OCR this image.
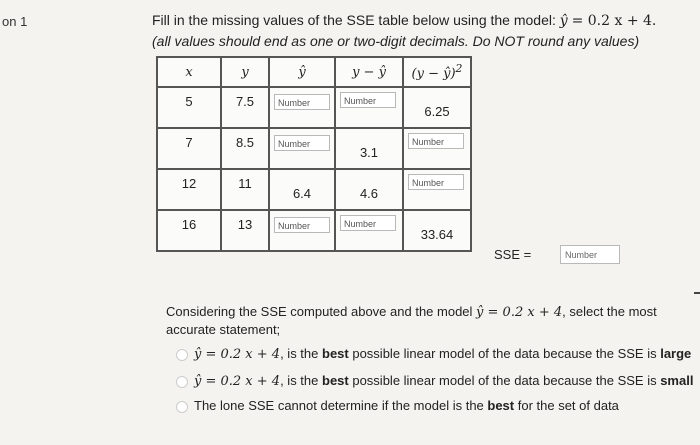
on 1	Fill in the missing values of the SSE table below using the model: ŷ = 0.2 x + 4.
(all values should end as one or two-digit decimals. Do NOT round any values)
x	y	ŷ	y − ŷ	(y − ŷ)$^2$

5	7.5	Number	Number	6.25

7	8.5	Number	3.1	Number

12	11	6.4	4.6	Number

16	13	Number	Number	33.64
SSE =	Number
Considering the SSE computed above and the model ŷ = 0.2 x + 4, select the most accurate statement;
ŷ = 0.2 x + 4, is the best possible linear model of the data because the SSE is large
ŷ = 0.2 x + 4, is the best possible linear model of the data because the SSE is small
The lone SSE cannot determine if the model is the best for the set of data
